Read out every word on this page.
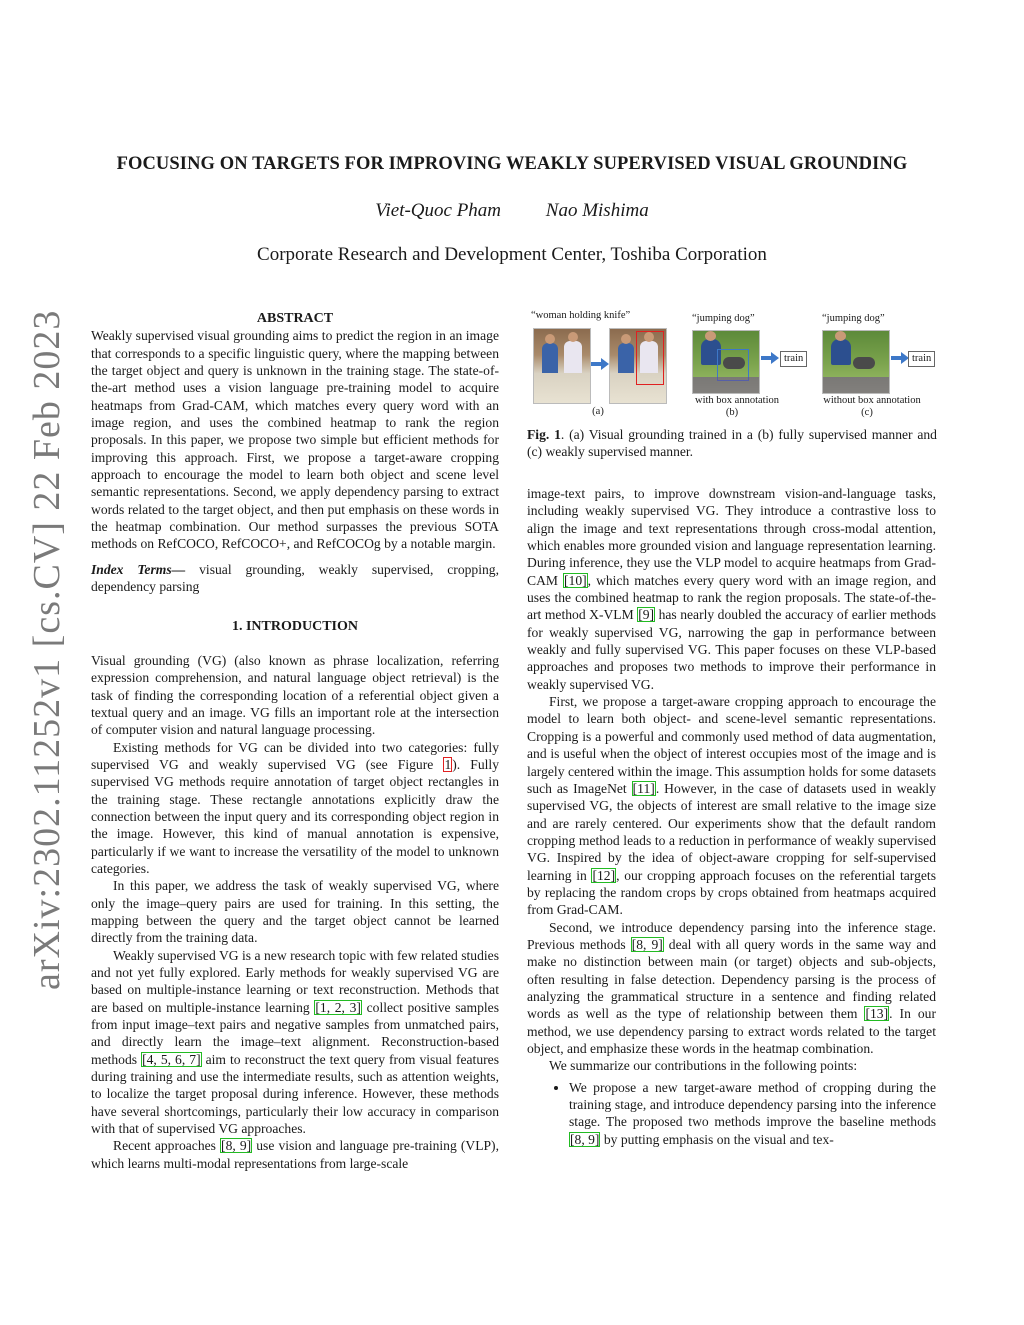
arXiv:2302.11252v1 [cs.CV] 22 Feb 2023
FOCUSING ON TARGETS FOR IMPROVING WEAKLY SUPERVISED VISUAL GROUNDING
Viet-Quoc Pham Nao Mishima
Corporate Research and Development Center, Toshiba Corporation

ABSTRACT

Weakly supervised visual grounding aims to predict the region in an image that corresponds to a specific linguistic query, where the mapping between the target object and query is unknown in the training stage. The state-of-the-art method uses a vision language pre-training model to acquire heatmaps from Grad-CAM, which matches every query word with an image region, and uses the combined heatmap to rank the region proposals. In this paper, we propose two simple but efficient methods for improving this approach. First, we propose a target-aware cropping approach to encourage the model to learn both object and scene level semantic representations. Second, we apply dependency parsing to extract words related to the target object, and then put emphasis on these words in the heatmap combination. Our method surpasses the previous SOTA methods on RefCOCO, RefCOCO+, and RefCOCOg by a notable margin.

Index Terms— visual grounding, weakly supervised, cropping, dependency parsing

1. INTRODUCTION

Visual grounding (VG) (also known as phrase localization, referring expression comprehension, and natural language object retrieval) is the task of finding the corresponding location of a referential object given a textual query and an image. VG fills an important role at the intersection of computer vision and natural language processing.

Existing methods for VG can be divided into two categories: fully supervised VG and weakly supervised VG (see Figure 1). Fully supervised VG methods require annotation of target object rectangles in the training stage. These rectangle annotations explicitly draw the connection between the input query and its corresponding object region in the image. However, this kind of manual annotation is expensive, particularly if we want to increase the versatility of the model to unknown categories.

In this paper, we address the task of weakly supervised VG, where only the image–query pairs are used for training. In this setting, the mapping between the query and the target object cannot be learned directly from the training data.

Weakly supervised VG is a new research topic with few related studies and not yet fully explored. Early methods for weakly supervised VG are based on multiple-instance learning or text reconstruction. Methods that are based on multiple-instance learning [1, 2, 3] collect positive samples from input image–text pairs and negative samples from unmatched pairs, and directly learn the image–text alignment. Reconstruction-based methods [4, 5, 6, 7] aim to reconstruct the text query from visual features during training and use the intermediate results, such as attention weights, to localize the target proposal during inference. However, these methods have several shortcomings, particularly their low accuracy in comparison with that of supervised VG approaches.

Recent approaches [8, 9] use vision and language pre-training (VLP), which learns multi-modal representations from large-scale

“woman holding knife”
(a)
“jumping dog”
train
with box annotation
(b)
“jumping dog”
train
without box annotation
(c)
Fig. 1. (a) Visual grounding trained in a (b) fully supervised manner and (c) weakly supervised manner.

image-text pairs, to improve downstream vision-and-language tasks, including weakly supervised VG. They introduce a contrastive loss to align the image and text representations through cross-modal attention, which enables more grounded vision and language representation learning. During inference, they use the VLP model to acquire heatmaps from Grad-CAM [10], which matches every query word with an image region, and uses the combined heatmap to rank the region proposals. The state-of-the-art method X-VLM [9] has nearly doubled the accuracy of earlier methods for weakly supervised VG, narrowing the gap in performance between weakly and fully supervised VG. This paper focuses on these VLP-based approaches and proposes two methods to improve their performance in weakly supervised VG.

First, we propose a target-aware cropping approach to encourage the model to learn both object- and scene-level semantic representations. Cropping is a powerful and commonly used method of data augmentation, and is useful when the object of interest occupies most of the image and is largely centered within the image. This assumption holds for some datasets such as ImageNet [11]. However, in the case of datasets used in weakly supervised VG, the objects of interest are small relative to the image size and are rarely centered. Our experiments show that the default random cropping method leads to a reduction in performance of weakly supervised VG. Inspired by the idea of object-aware cropping for self-supervised learning in [12], our cropping approach focuses on the referential targets by replacing the random crops by crops obtained from heatmaps acquired from Grad-CAM.

Second, we introduce dependency parsing into the inference stage. Previous methods [8, 9] deal with all query words in the same way and make no distinction between main (or target) objects and sub-objects, often resulting in false detection. Dependency parsing is the process of analyzing the grammatical structure in a sentence and finding related words as well as the type of relationship between them [13]. In our method, we use dependency parsing to extract words related to the target object, and emphasize these words in the heatmap combination.

We summarize our contributions in the following points:

• We propose a new target-aware method of cropping during the training stage, and introduce dependency parsing into the inference stage. The proposed two methods improve the baseline methods [8, 9] by putting emphasis on the visual and tex-
